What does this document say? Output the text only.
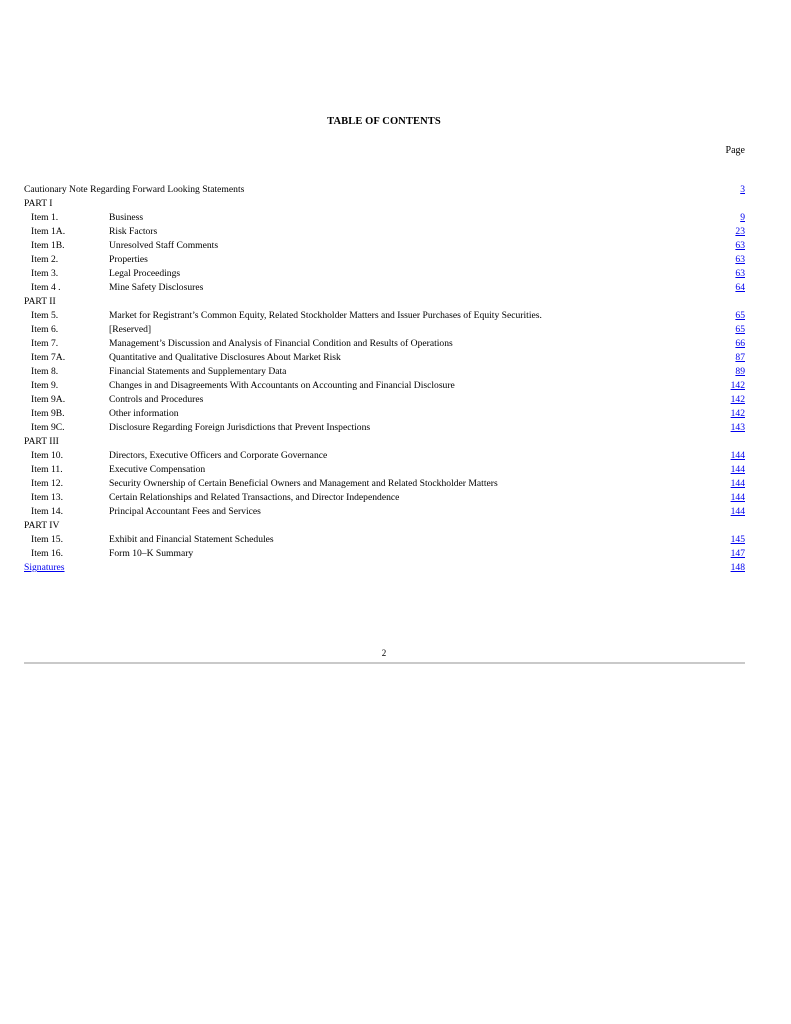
TABLE OF CONTENTS
Page
Cautionary Note Regarding Forward Looking Statements	3
PART I
Item 1.	Business	9
Item 1A.	Risk Factors	23
Item 1B.	Unresolved Staff Comments	63
Item 2.	Properties	63
Item 3.	Legal Proceedings	63
Item 4 .	Mine Safety Disclosures	64
PART II
Item 5.	Market for Registrant’s Common Equity, Related Stockholder Matters and Issuer Purchases of Equity Securities.	65
Item 6.	[Reserved]	65
Item 7.	Management’s Discussion and Analysis of Financial Condition and Results of Operations	66
Item 7A.	Quantitative and Qualitative Disclosures About Market Risk	87
Item 8.	Financial Statements and Supplementary Data	89
Item 9.	Changes in and Disagreements With Accountants on Accounting and Financial Disclosure	142
Item 9A.	Controls and Procedures	142
Item 9B.	Other information	142
Item 9C.	Disclosure Regarding Foreign Jurisdictions that Prevent Inspections	143
PART III
Item 10.	Directors, Executive Officers and Corporate Governance	144
Item 11.	Executive Compensation	144
Item 12.	Security Ownership of Certain Beneficial Owners and Management and Related Stockholder Matters	144
Item 13.	Certain Relationships and Related Transactions, and Director Independence	144
Item 14.	Principal Accountant Fees and Services	144
PART IV
Item 15.	Exhibit and Financial Statement Schedules	145
Item 16.	Form 10–K Summary	147
Signatures	148
2
